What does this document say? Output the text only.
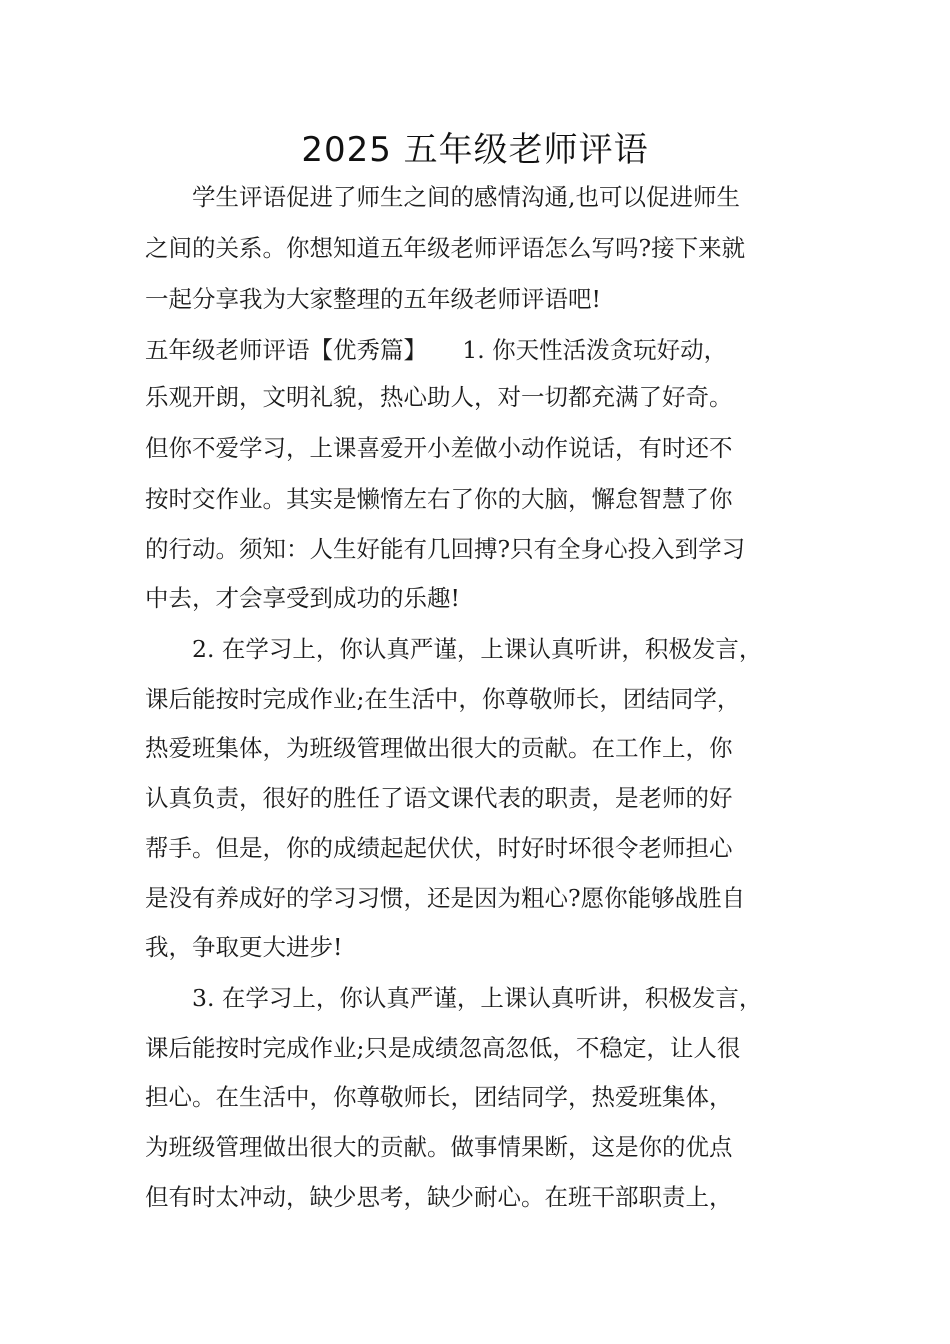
2025 五年级老师评语
　　学生评语促进了师生之间的感情沟通,也可以促进师生
之间的关系。你想知道五年级老师评语怎么写吗?接下来就
一起分享我为大家整理的五年级老师评语吧!
五年级老师评语【优秀篇】　　1. 你天性活泼贪玩好动，
乐观开朗，文明礼貌，热心助人，对一切都充满了好奇。
但你不爱学习，上课喜爱开小差做小动作说话，有时还不
按时交作业。其实是懒惰左右了你的大脑，懈怠智慧了你
的行动。须知：人生好能有几回搏?只有全身心投入到学习
中去，才会享受到成功的乐趣!
　　2. 在学习上，你认真严谨，上课认真听讲，积极发言，
课后能按时完成作业;在生活中，你尊敬师长，团结同学，
热爱班集体，为班级管理做出很大的贡献。在工作上，你
认真负责，很好的胜任了语文课代表的职责，是老师的好
帮手。但是，你的成绩起起伏伏，时好时坏很令老师担心
是没有养成好的学习习惯，还是因为粗心?愿你能够战胜自
我，争取更大进步!
　　3. 在学习上，你认真严谨，上课认真听讲，积极发言，
课后能按时完成作业;只是成绩忽高忽低，不稳定，让人很
担心。在生活中，你尊敬师长，团结同学，热爱班集体，
为班级管理做出很大的贡献。做事情果断，这是你的优点
但有时太冲动，缺少思考，缺少耐心。在班干部职责上，
